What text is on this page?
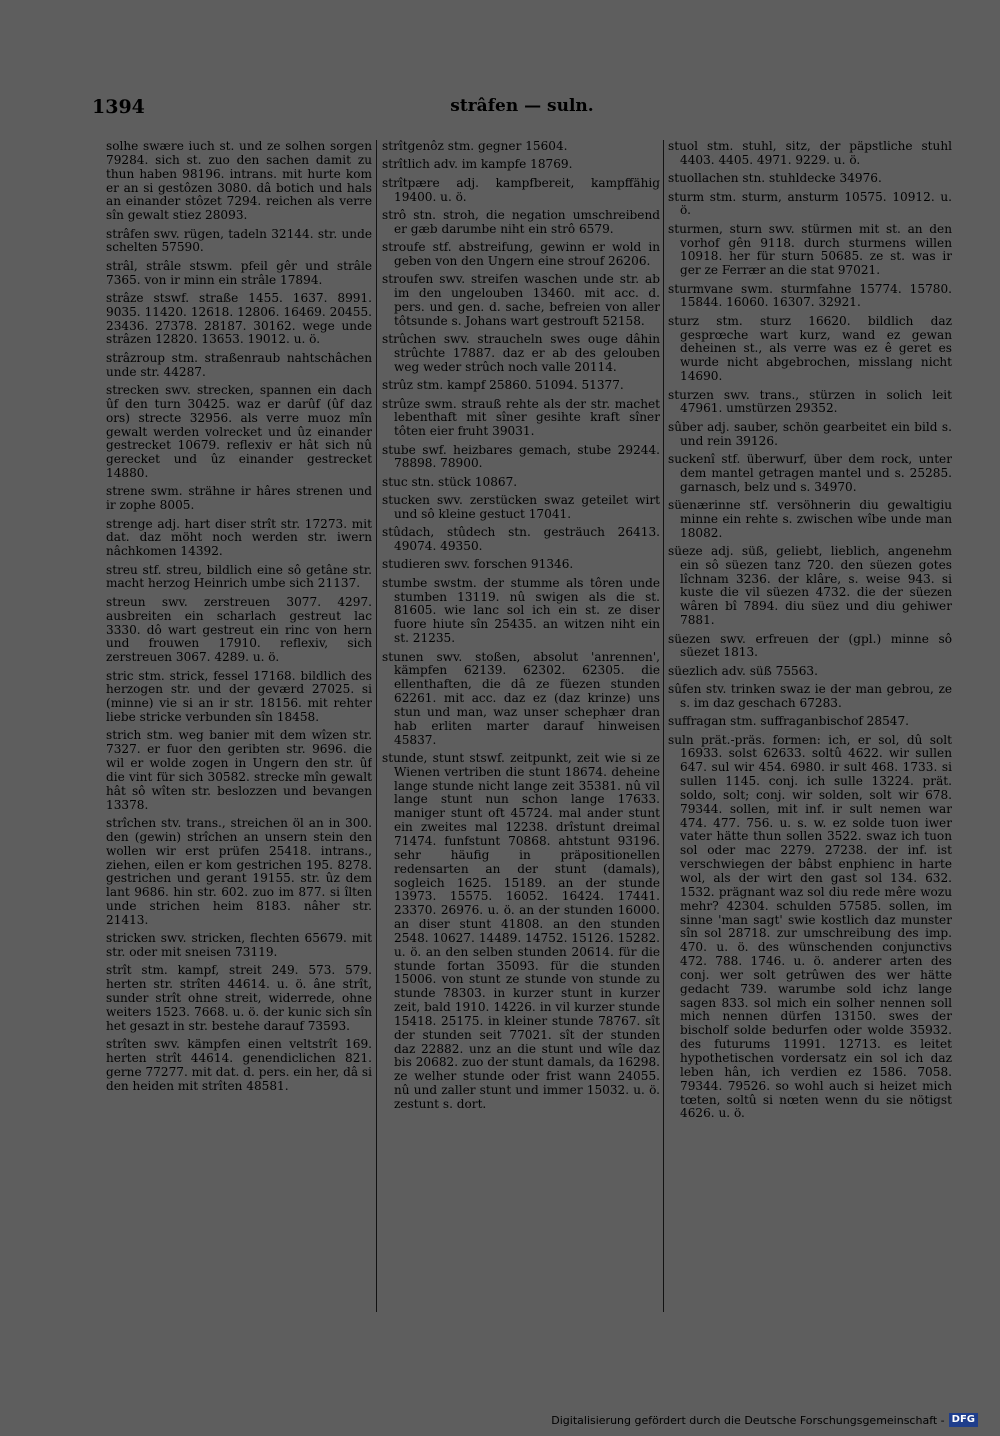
1394	strâfen — suln.

solhe swære iuch st. und ze solhen sorgen 79284. sich st. zuo den sachen damit zu thun haben 98196. intrans. mit hurte kom er an si gestôzen 3080. dâ botich und hals an einander stôzet 7294. reichen als verre sîn gewalt stiez 28093.

strâfen swv. rügen, tadeln 32144. str. unde schelten 57590.

strâl, strâle stswm. pfeil gêr und strâle 7365. von ir minn ein strâle 17894.

strâze stswf. straße 1455. 1637. 8991. 9035. 11420. 12618. 12806. 16469. 20455. 23436. 27378. 28187. 30162. wege unde strâzen 12820. 13653. 19012. u. ö.

strâzroup stm. straßenraub nahtschâchen unde str. 44287.

strecken swv. strecken, spannen ein dach ûf den turn 30425. waz er darûf (ûf daz ors) strecte 32956. als verre muoz mîn gewalt werden volrecket und ûz einander gestrecket 10679. reflexiv er hât sich nû gerecket und ûz einander gestrecket 14880.

strene swm. strähne ir hâres strenen und ir zophe 8005.

strenge adj. hart diser strît str. 17273. mit dat. daz möht noch werden str. iwern nâchkomen 14392.

streu stf. streu, bildlich eine sô getâne str. macht herzog Heinrich umbe sich 21137.

streun swv. zerstreuen 3077. 4297. ausbreiten ein scharlach gestreut lac 3330. dô wart gestreut ein rinc von hern und frouwen 17910. reflexiv, sich zerstreuen 3067. 4289. u. ö.

stric stm. strick, fessel 17168. bildlich des herzogen str. und der geværd 27025. si (minne) vie si an ir str. 18156. mit rehter liebe stricke verbunden sîn 18458.

strich stm. weg banier mit dem wîzen str. 7327. er fuor den geribten str. 9696. die wil er wolde zogen in Ungern den str. ûf die vint für sich 30582. strecke mîn gewalt hât sô wîten str. beslozzen und bevangen 13378.

strîchen stv. trans., streichen öl an in 300. den (gewin) strîchen an unsern stein den wollen wir erst prüfen 25418. intrans., ziehen, eilen er kom gestrichen 195. 8278. gestrichen und gerant 19155. str. ûz dem lant 9686. hin str. 602. zuo im 877. si îlten unde strichen heim 8183. nâher str. 21413.

stricken swv. stricken, flechten 65679. mit str. oder mit sneisen 73119.

strît stm. kampf, streit 249. 573. 579. herten str. strîten 44614. u. ö. âne strît, sunder strît ohne streit, widerrede, ohne weiters 1523. 7668. u. ö. der kunic sich sîn het gesazt in str. bestehe darauf 73593.

strîten swv. kämpfen einen veltstrît 169. herten strît 44614. genendiclichen 821. gerne 77277. mit dat. d. pers. ein her, dâ si den heiden mit strîten 48581.

strîtgenôz stm. gegner 15604.

strîtlich adv. im kampfe 18769.

strîtpære adj. kampfbereit, kampffähig 19400. u. ö.

strô stn. stroh, die negation umschreibend er gæb darumbe niht ein strô 6579.

stroufe stf. abstreifung, gewinn er wold in geben von den Ungern eine strouf 26206.

stroufen swv. streifen waschen unde str. ab im den ungelouben 13460. mit acc. d. pers. und gen. d. sache, befreien von aller tôtsunde s. Johans wart gestrouft 52158.

strûchen swv. straucheln swes ouge dâhin strûchte 17887. daz er ab des gelouben weg weder strûch noch valle 20114.

strûz stm. kampf 25860. 51094. 51377.

strûze swm. strauß rehte als der str. machet lebenthaft mit sîner gesihte kraft sîner tôten eier fruht 39031.

stube swf. heizbares gemach, stube 29244. 78898. 78900.

stuc stn. stück 10867.

stucken swv. zerstücken swaz geteilet wirt und sô kleine gestuct 17041.

stûdach, stûdech stn. gesträuch 26413. 49074. 49350.

studieren swv. forschen 91346.

stumbe swstm. der stumme als tôren unde stumben 13119. nû swigen als die st. 81605. wie lanc sol ich ein st. ze diser fuore hiute sîn 25435. an witzen niht ein st. 21235.

stunen swv. stoßen, absolut 'anrennen', kämpfen 62139. 62302. 62305. die ellenthaften, die dâ ze füezen stunden 62261. mit acc. daz ez (daz krinze) uns stun und man, waz unser schephær dran hab erliten marter darauf hinweisen 45837.

stunde, stunt stswf. zeitpunkt, zeit wie si ze Wienen vertriben die stunt 18674. deheine lange stunde nicht lange zeit 35381. nû vil lange stunt nun schon lange 17633. maniger stunt oft 45724. mal ander stunt ein zweites mal 12238. drîstunt dreimal 71474. funfstunt 70868. ahtstunt 93196. sehr häufig in präpositionellen redensarten an der stunt (damals), sogleich 1625. 15189. an der stunde 13973. 15575. 16052. 16424. 17441. 23370. 26976. u. ö. an der stunden 16000. an diser stunt 41808. an den stunden 2548. 10627. 14489. 14752. 15126. 15282. u. ö. an den selben stunden 20614. für die stunde fortan 35093. für die stunden 15006. von stunt ze stunde von stunde zu stunde 78303. in kurzer stunt in kurzer zeit, bald 1910. 14226. in vil kurzer stunde 15418. 25175. in kleiner stunde 78767. sît der stunden seit 77021. sît der stunden daz 22882. unz an die stunt und wîle daz bis 20682. zuo der stunt damals, da 16298. ze welher stunde oder frist wann 24055. nû und zaller stunt und immer 15032. u. ö. zestunt s. dort.

stuol stm. stuhl, sitz, der päpstliche stuhl 4403. 4405. 4971. 9229. u. ö.

stuollachen stn. stuhldecke 34976.

sturm stm. sturm, ansturm 10575. 10912. u. ö.

sturmen, sturn swv. stürmen mit st. an den vorhof gên 9118. durch sturmens willen 10918. her für sturn 50685. ze st. was ir ger ze Ferrær an die stat 97021.

sturmvane swm. sturmfahne 15774. 15780. 15844. 16060. 16307. 32921.

sturz stm. sturz 16620. bildlich daz gesprœche wart kurz, wand ez gewan deheinen st., als verre was ez ê geret es wurde nicht abgebrochen, misslang nicht 14690.

sturzen swv. trans., stürzen in solich leit 47961. umstürzen 29352.

sûber adj. sauber, schön gearbeitet ein bild s. und rein 39126.

suckenî stf. überwurf, über dem rock, unter dem mantel getragen mantel und s. 25285. garnasch, belz und s. 34970.

süenærinne stf. versöhnerin diu gewaltigiu minne ein rehte s. zwischen wîbe unde man 18082.

süeze adj. süß, geliebt, lieblich, angenehm ein sô süezen tanz 720. den süezen gotes lîchnam 3236. der klâre, s. weise 943. si kuste die vil süezen 4732. die der süezen wâren bî 7894. diu süez und diu gehiwer 7881.

süezen swv. erfreuen der (gpl.) minne sô süezet 1813.

süezlich adv. süß 75563.

sûfen stv. trinken swaz ie der man gebrou, ze s. im daz geschach 67283.

suffragan stm. suffraganbischof 28547.

suln prät.-präs. formen: ich, er sol, dû solt 16933. solst 62633. soltû 4622. wir sullen 647. sul wir 454. 6980. ir sult 468. 1733. si sullen 1145. conj. ich sulle 13224. prät. soldo, solt; conj. wir solden, solt wir 678. 79344. sollen, mit inf. ir sult nemen war 474. 477. 756. u. s. w. ez solde tuon iwer vater hätte thun sollen 3522. swaz ich tuon sol oder mac 2279. 27238. der inf. ist verschwiegen der bâbst enphienc in harte wol, als der wirt den gast sol 134. 632. 1532. prägnant waz sol diu rede mêre wozu mehr? 42304. schulden 57585. sollen, im sinne 'man sagt' swie kostlich daz munster sîn sol 28718. zur umschreibung des imp. 470. u. ö. des wünschenden conjunctivs 472. 788. 1746. u. ö. anderer arten des conj. wer solt getrûwen des wer hätte gedacht 739. warumbe sold ichz lange sagen 833. sol mich ein solher nennen soll mich nennen dürfen 13150. swes der bischolf solde bedurfen oder wolde 35932. des futurums 11991. 12713. es leitet hypothetischen vordersatz ein sol ich daz leben hân, ich verdien ez 1586. 7058. 79344. 79526. so wohl auch si heizet mich tœten, soltû si nœten wenn du sie nötigst 4626. u. ö.

Digitalisierung gefördert durch die Deutsche Forschungsgemeinschaft - DFG
